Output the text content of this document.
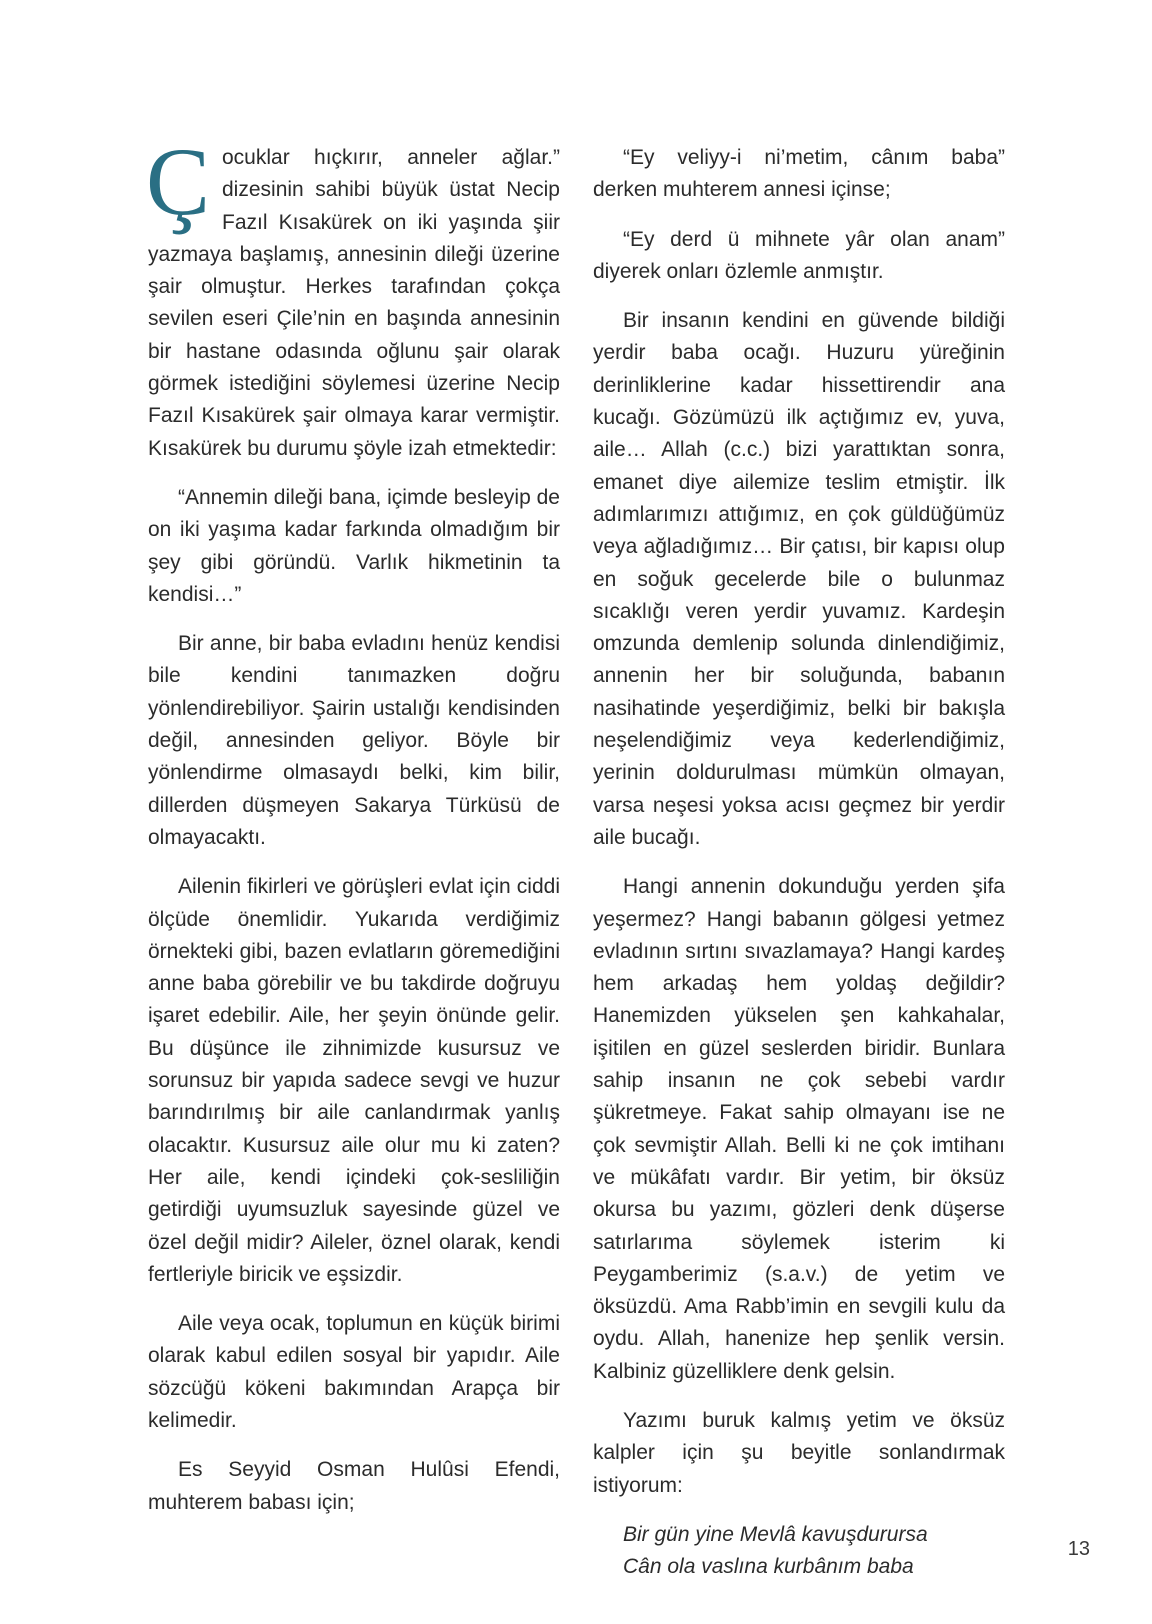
Çocuklar hıçkırır, anneler ağlar.” dizesinin sahibi büyük üstat Necip Fazıl Kısakürek on iki yaşında şiir yazmaya başlamış, annesinin dileği üzerine şair olmuştur. Herkes tarafından çokça sevilen eseri Çile’nin en başında annesinin bir hastane odasında oğlunu şair olarak görmek istediğini söylemesi üzerine Necip Fazıl Kısakürek şair olmaya karar vermiştir. Kısakürek bu durumu şöyle izah etmektedir:

“Annemin dileği bana, içimde besleyip de on iki yaşıma kadar farkında olmadığım bir şey gibi göründü. Varlık hikmetinin ta kendisi…”

Bir anne, bir baba evladını henüz kendisi bile kendini tanımazken doğru yönlendirebiliyor. Şairin ustalığı kendisinden değil, annesinden geliyor. Böyle bir yönlendirme olmasaydı belki, kim bilir, dillerden düşmeyen Sakarya Türküsü de olmayacaktı.

Ailenin fikirleri ve görüşleri evlat için ciddi ölçüde önemlidir. Yukarıda verdiğimiz örnekteki gibi, bazen evlatların göremediğini anne baba görebilir ve bu takdirde doğruyu işaret edebilir. Aile, her şeyin önünde gelir. Bu düşünce ile zihnimizde kusursuz ve sorunsuz bir yapıda sadece sevgi ve huzur barındırılmış bir aile canlandırmak yanlış olacaktır. Kusursuz aile olur mu ki zaten? Her aile, kendi içindeki çok-sesliliğin getirdiği uyumsuzluk sayesinde güzel ve özel değil midir? Aileler, öznel olarak, kendi fertleriyle biricik ve eşsizdir.

Aile veya ocak, toplumun en küçük birimi olarak kabul edilen sosyal bir yapıdır. Aile sözcüğü kökeni bakımından Arapça bir kelimedir.

Es Seyyid Osman Hulûsi Efendi, muhterem babası için;

“Ey veliyy-i ni’metim, cânım baba” derken muhterem annesi içinse;

“Ey derd ü mihnete yâr olan anam” diyerek onları özlemle anmıştır.

Bir insanın kendini en güvende bildiği yerdir baba ocağı. Huzuru yüreğinin derinliklerine kadar hissettirendir ana kucağı. Gözümüzü ilk açtığımız ev, yuva, aile… Allah (c.c.) bizi yarattıktan sonra, emanet diye ailemize teslim etmiştir. İlk adımlarımızı attığımız, en çok güldüğümüz veya ağladığımız… Bir çatısı, bir kapısı olup en soğuk gecelerde bile o bulunmaz sıcaklığı veren yerdir yuvamız. Kardeşin omzunda demlenip solunda dinlendiğimiz, annenin her bir soluğunda, babanın nasihatinde yeşerdiğimiz, belki bir bakışla neşelendiğimiz veya kederlendiğimiz, yerinin doldurulması mümkün olmayan, varsa neşesi yoksa acısı geçmez bir yerdir aile bucağı.

Hangi annenin dokunduğu yerden şifa yeşermez? Hangi babanın gölgesi yetmez evladının sırtını sıvazlamaya? Hangi kardeş hem arkadaş hem yoldaş değildir? Hanemizden yükselen şen kahkahalar, işitilen en güzel seslerden biridir. Bunlara sahip insanın ne çok sebebi vardır şükretmeye. Fakat sahip olmayanı ise ne çok sevmiştir Allah. Belli ki ne çok imtihanı ve mükâfatı vardır. Bir yetim, bir öksüz okursa bu yazımı, gözleri denk düşerse satırlarıma söylemek isterim ki Peygamberimiz (s.a.v.) de yetim ve öksüzdü. Ama Rabb’imin en sevgili kulu da oydu. Allah, hanenize hep şenlik versin. Kalbiniz güzelliklere denk gelsin.

Yazımı buruk kalmış yetim ve öksüz kalpler için şu beyitle sonlandırmak istiyorum:

Bir gün yine Mevlâ kavuşdurursa
Cân ola vaslına kurbânım baba
13
